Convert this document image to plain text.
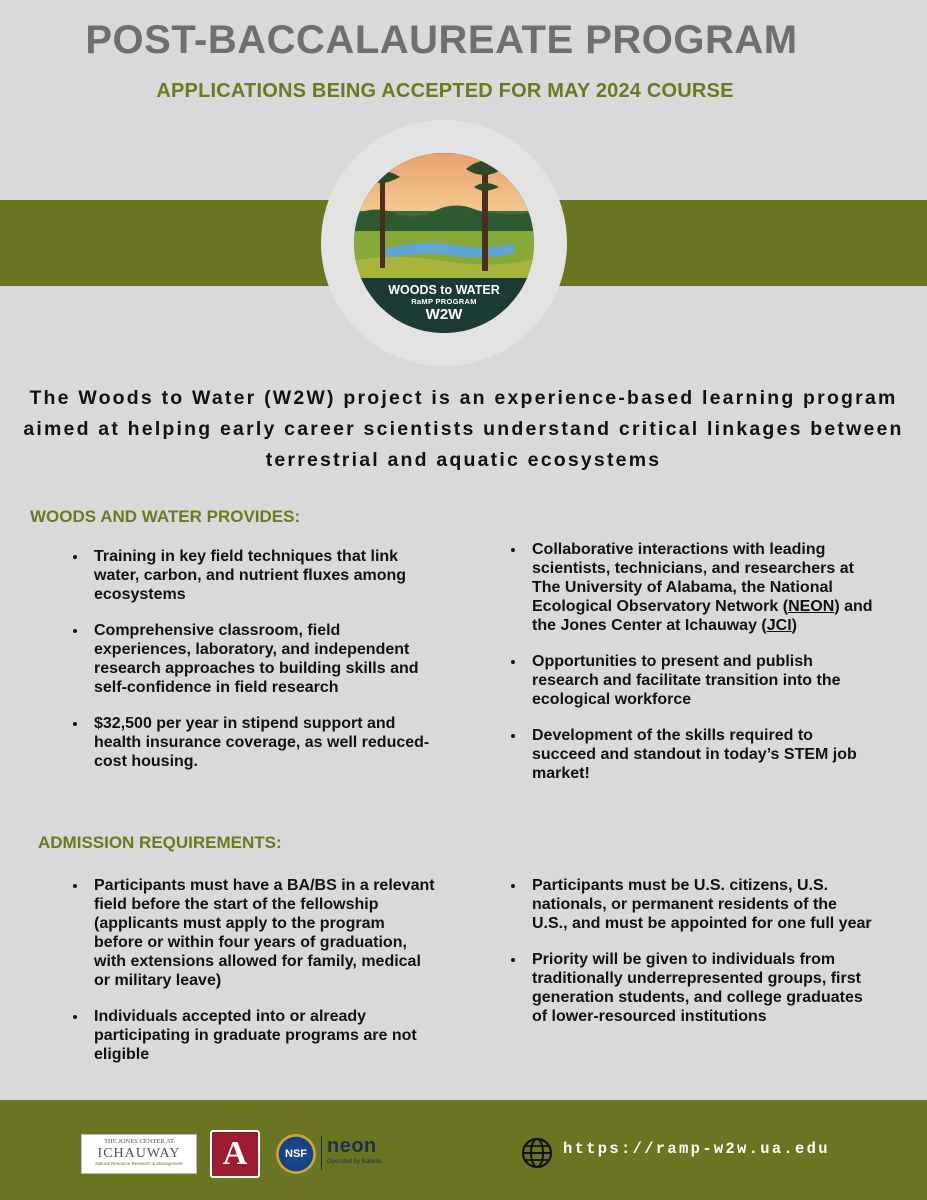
POST-BACCALAUREATE PROGRAM
APPLICATIONS BEING ACCEPTED FOR MAY 2024 COURSE
WOODS to WATER
RaMP PROGRAM
W2W
The Woods to Water (W2W) project is an experience-based learning program aimed at helping early career scientists understand critical linkages between terrestrial and aquatic ecosystems
WOODS AND WATER PROVIDES:
• Training in key field techniques that link water, carbon, and nutrient fluxes among ecosystems
• Comprehensive classroom, field experiences, laboratory, and independent research approaches to building skills and self-confidence in field research
• $32,500 per year in stipend support and health insurance coverage, as well reduced-cost housing.
• Collaborative interactions with leading scientists, technicians, and researchers at The University of Alabama, the National Ecological Observatory Network (NEON) and the Jones Center at Ichauway (JCI)
• Opportunities to present and publish research and facilitate transition into the ecological workforce
• Development of the skills required to succeed and standout in today’s STEM job market!
ADMISSION REQUIREMENTS:
• Participants must have a BA/BS in a relevant field before the start of the fellowship (applicants must apply to the program before or within four years of graduation, with extensions allowed for family, medical or military leave)
• Individuals accepted into or already participating in graduate programs are not eligible
• Participants must be U.S. citizens, U.S. nationals, or permanent residents of the U.S., and must be appointed for one full year
• Priority will be given to individuals from traditionally underrepresented groups, first generation students, and college graduates of lower-resourced institutions
THE JONES CENTER AT
ICHAUWAY
Natural Resource Research & Management	A	NSF	neon
Operated by Battelle
https://ramp-w2w.ua.edu
